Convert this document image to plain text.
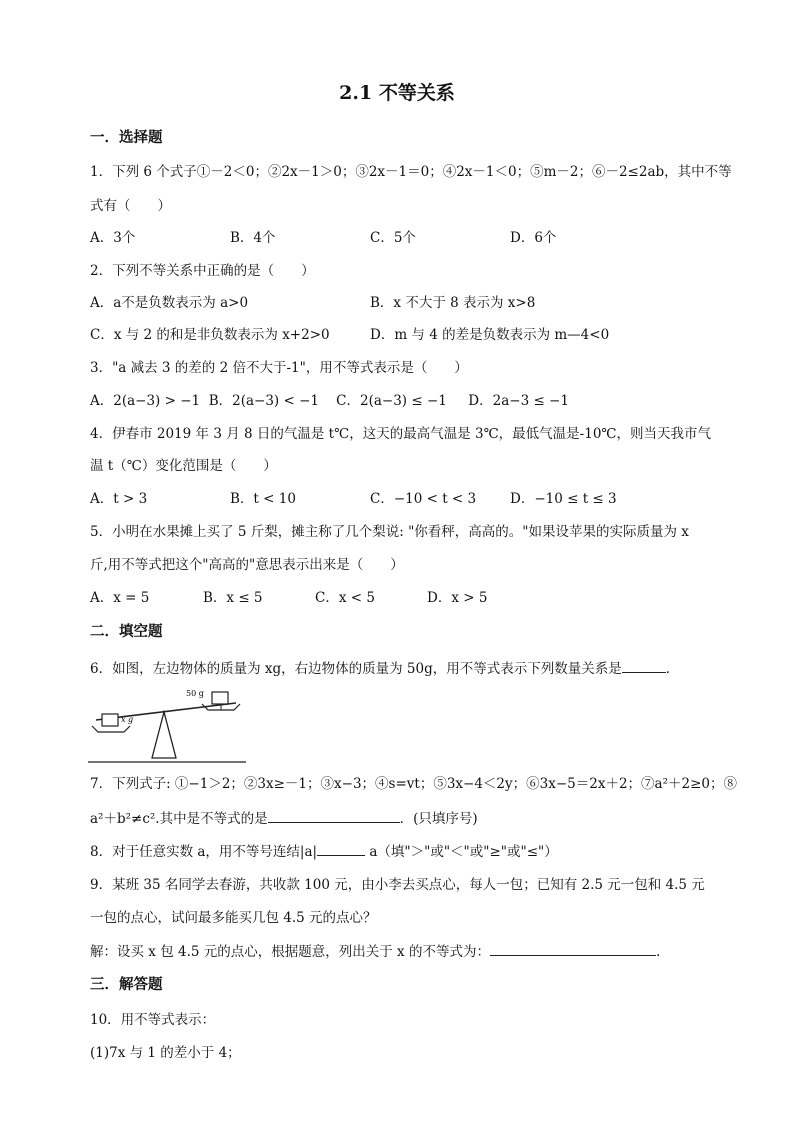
2.1 不等关系
一．选择题
1．下列 6 个式子①－2＜0；②2x－1＞0；③2x－1＝0；④2x－1＜0；⑤m－2；⑥－2≤2ab，其中不等
式有（　　）
A．3个	B．4个	C．5个	D．6个
2．下列不等关系中正确的是（　　）
A．a不是负数表示为 a>0	B．x 不大于 8 表示为 x>8
C．x 与 2 的和是非负数表示为 x+2>0	D．m 与 4 的差是负数表示为 m—4<0
3．"a 减去 3 的差的 2 倍不大于-1"，用不等式表示是（　　）
A．2(a−3) > −1  B．2(a−3) < −1    C．2(a−3) ≤ −1     D．2a−3 ≤ −1
4．伊春市 2019 年 3 月 8 日的气温是 t℃，这天的最高气温是 3℃，最低气温是-10℃，则当天我市气
温 t（℃）变化范围是（　　）
A．t > 3	B．t < 10	C．−10 < t < 3	D．−10 ≤ t ≤ 3
5．小明在水果摊上买了 5 斤梨，摊主称了几个梨说: "你看秤，高高的。"如果设苹果的实际质量为 x
斤,用不等式把这个"高高的"意思表示出来是（　　）
A．x = 5	B．x ≤ 5	C．x < 5	D．x > 5
二．填空题
6．如图，左边物体的质量为 xg，右边物体的质量为 50g，用不等式表示下列数量关系是	．
x g
50 g
7．下列式子: ①−1＞2；②3x≥－1；③x−3；④s=vt；⑤3x−4＜2y；⑥3x−5＝2x＋2；⑦a²＋2≥0；⑧
a²＋b²≠c².其中是不等式的是	．(只填序号)
8．对于任意实数 a，用不等号连结|a|	a（填"＞"或"＜"或"≥"或"≤"）
9．某班 35 名同学去春游，共收款 100 元，由小李去买点心，每人一包；已知有 2.5 元一包和 4.5 元
一包的点心，试问最多能买几包 4.5 元的点心？
解：设买 x 包 4.5 元的点心，根据题意，列出关于 x 的不等式为：	.
三．解答题
10．用不等式表示：
(1)7x 与 1 的差小于 4；
